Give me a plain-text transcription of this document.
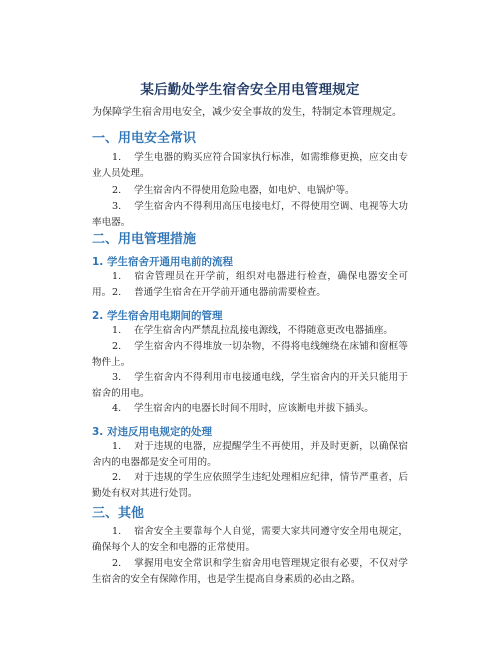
某后勤处学生宿舍安全用电管理规定
为保障学生宿舍用电安全，减少安全事故的发生，特制定本管理规定。
一、用电安全常识
1. 学生电器的购买应符合国家执行标准，如需维修更换，应交由专业人员处理。
2. 学生宿舍内不得使用危险电器，如电炉、电锅炉等。
3. 学生宿舍内不得利用高压电接电灯，不得使用空调、电视等大功率电器。
二、用电管理措施
1. 学生宿舍开通用电前的流程
1. 宿舍管理员在开学前，组织对电器进行检查，确保电器安全可用。 2. 普通学生宿舍在开学前开通电器前需要检查。
2. 学生宿舍用电期间的管理
1. 在学生宿舍内严禁乱拉乱接电源线，不得随意更改电器插座。
2. 学生宿舍内不得堆放一切杂物，不得将电线缠绕在床铺和窗框等物件上。
3. 学生宿舍内不得利用市电接通电线，学生宿舍内的开关只能用于宿舍的用电。
4. 学生宿舍内的电器长时间不用时，应该断电并拔下插头。
3. 对违反用电规定的处理
1. 对于违规的电器，应提醒学生不再使用，并及时更新，以确保宿舍内的电器都是安全可用的。
2. 对于违规的学生应依照学生违纪处理相应纪律，情节严重者，后勤处有权对其进行处罚。
三、其他
1. 宿舍安全主要靠每个人自觉，需要大家共同遵守安全用电规定，确保每个人的安全和电器的正常使用。
2. 掌握用电安全常识和学生宿舍用电管理规定很有必要，不仅对学生宿舍的安全有保障作用，也是学生提高自身素质的必由之路。
